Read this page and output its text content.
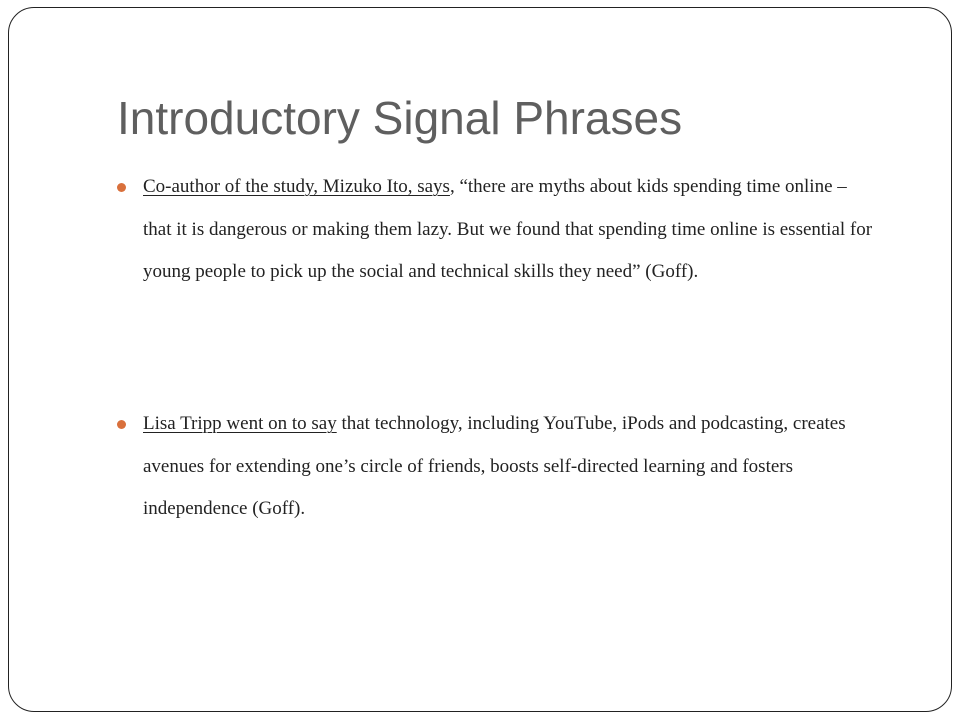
Introductory Signal Phrases
Co-author of the study, Mizuko Ito, says, “there are myths about kids spending time online – that it is dangerous or making them lazy. But we found that spending time online is essential for young people to pick up the social and technical skills they need” (Goff).
Lisa Tripp went on to say that technology, including YouTube, iPods and podcasting, creates avenues for extending one’s circle of friends, boosts self-directed learning and fosters independence (Goff).
